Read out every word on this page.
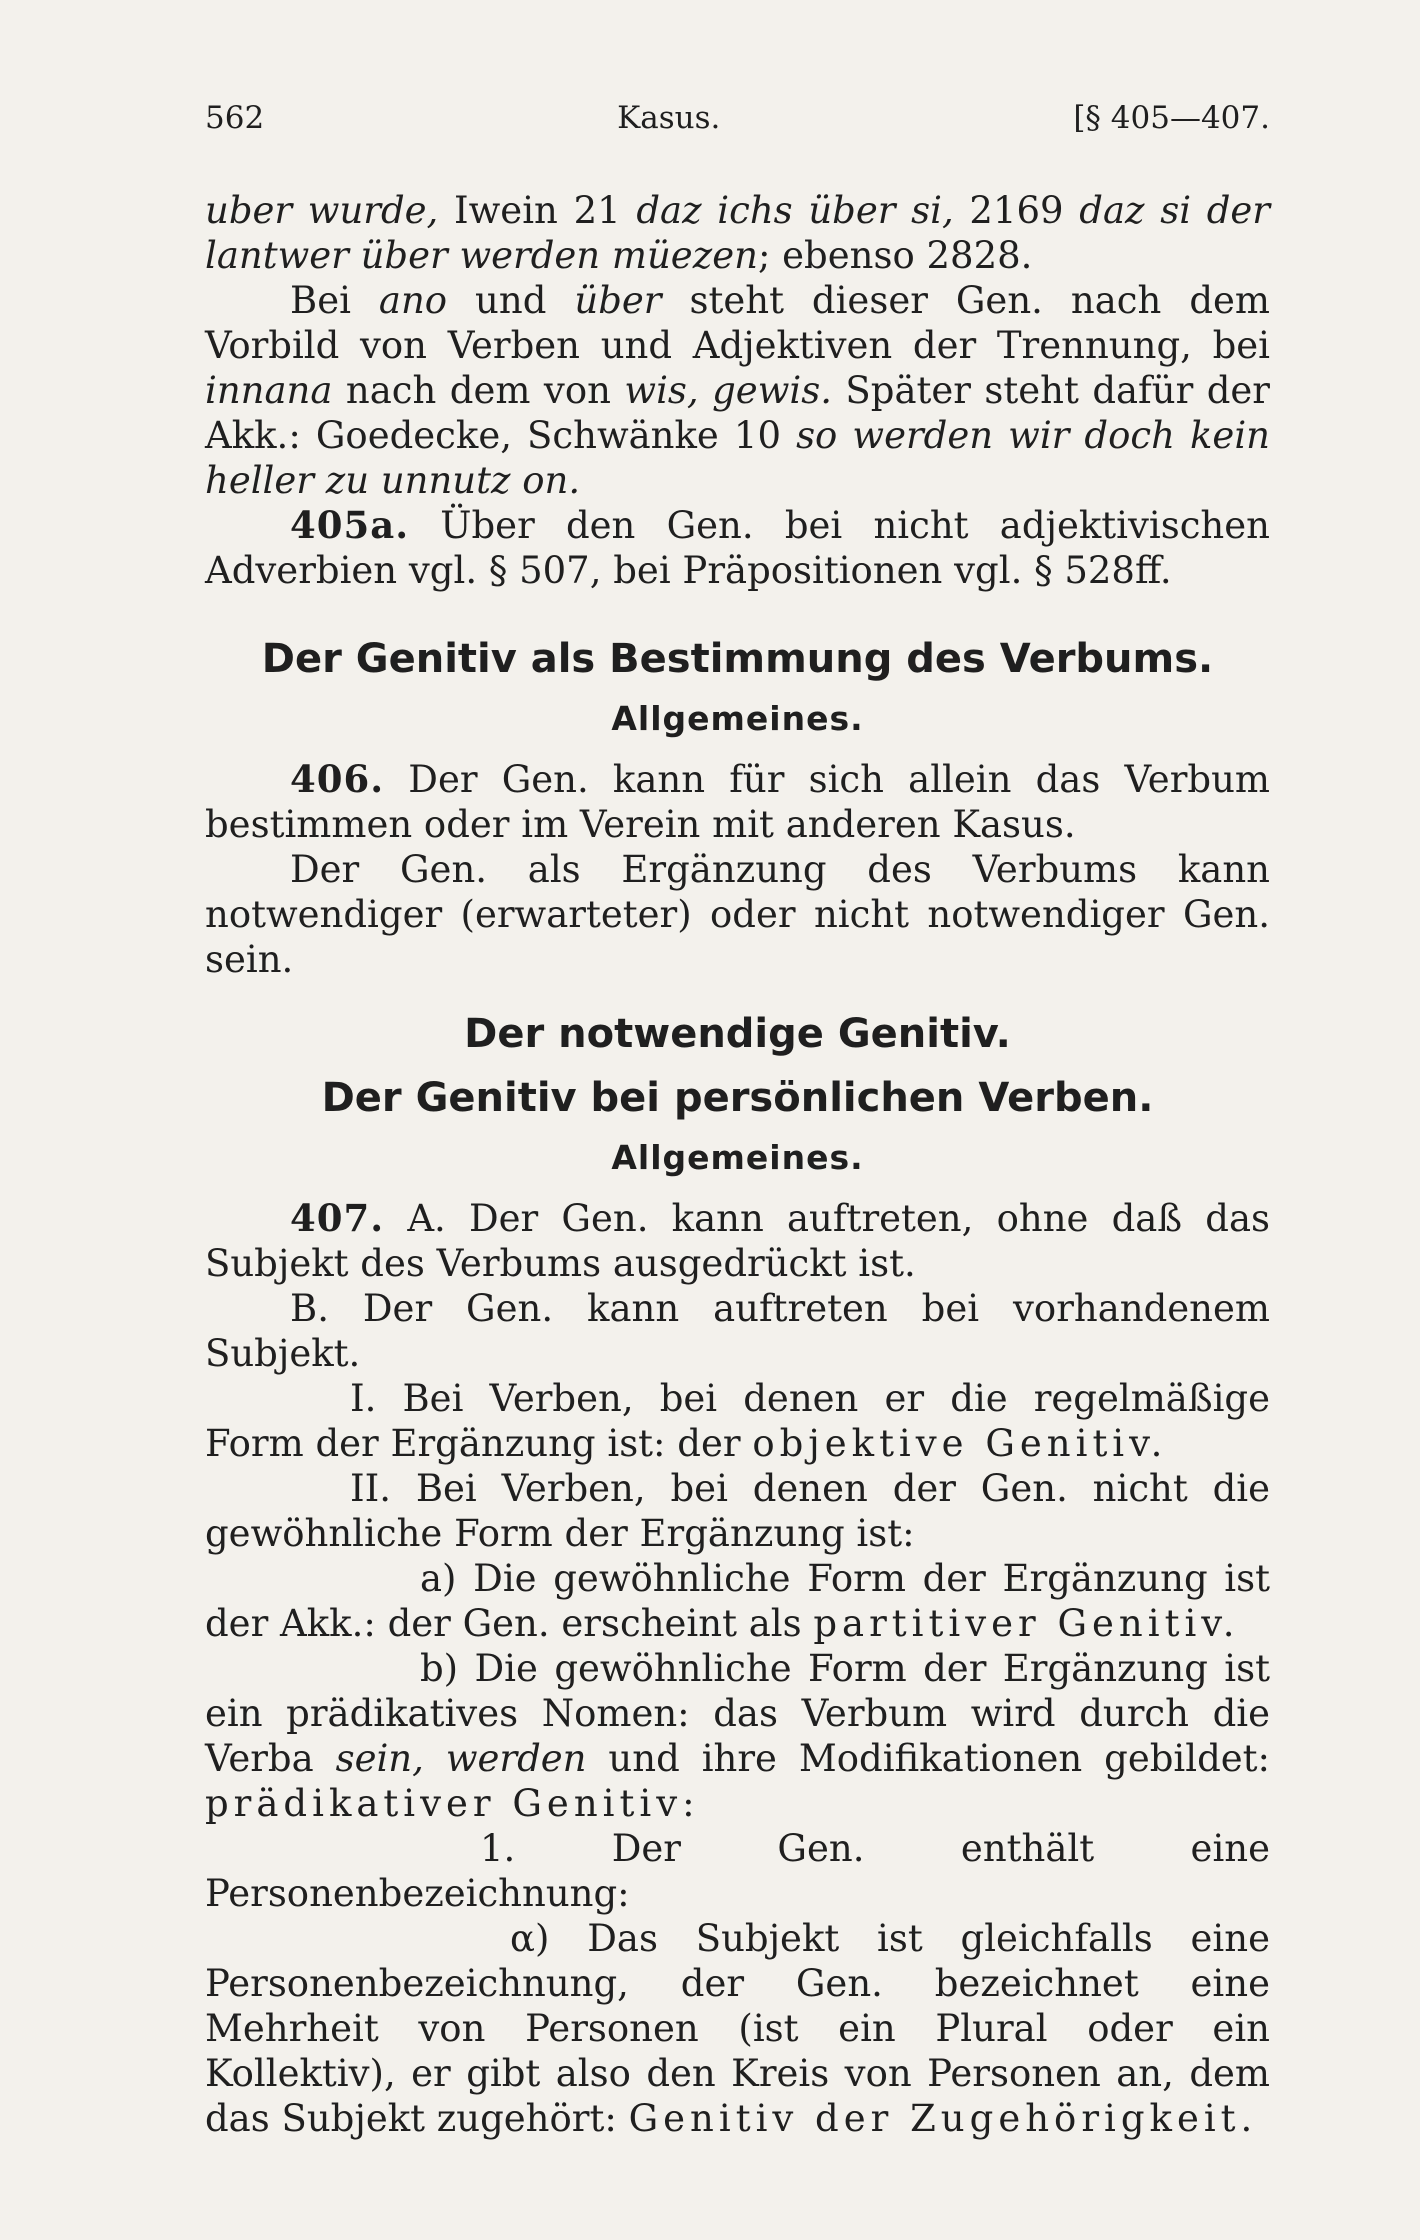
562	Kasus.	[§ 405—407.

uber wurde, Iwein 21 daz ichs über si, 2169 daz si der lantwer über werden müezen; ebenso 2828.

Bei ano und über steht dieser Gen. nach dem Vorbild von Verben und Adjektiven der Trennung, bei innana nach dem von wis, gewis. Später steht dafür der Akk.: Goedecke, Schwänke 10 so werden wir doch kein heller zu unnutz on.

405a. Über den Gen. bei nicht adjektivischen Adverbien vgl. § 507, bei Präpositionen vgl. § 528ff.

Der Genitiv als Bestimmung des Verbums.
Allgemeines.

406. Der Gen. kann für sich allein das Verbum bestimmen oder im Verein mit anderen Kasus.

Der Gen. als Ergänzung des Verbums kann notwendiger (erwarteter) oder nicht notwendiger Gen. sein.

Der notwendige Genitiv.
Der Genitiv bei persönlichen Verben.
Allgemeines.

407. A. Der Gen. kann auftreten, ohne daß das Subjekt des Verbums ausgedrückt ist.

B. Der Gen. kann auftreten bei vorhandenem Subjekt.

I. Bei Verben, bei denen er die regelmäßige Form der Ergänzung ist: der objektive Genitiv.

II. Bei Verben, bei denen der Gen. nicht die gewöhnliche Form der Ergänzung ist:

a) Die gewöhnliche Form der Ergänzung ist der Akk.: der Gen. erscheint als partitiver Genitiv.

b) Die gewöhnliche Form der Ergänzung ist ein prädikatives Nomen: das Verbum wird durch die Verba sein, werden und ihre Modifikationen gebildet: prädikativer Genitiv:

1. Der Gen. enthält eine Personenbezeichnung:

α) Das Subjekt ist gleichfalls eine Personenbezeichnung, der Gen. bezeichnet eine Mehrheit von Personen (ist ein Plural oder ein Kollektiv), er gibt also den Kreis von Personen an, dem das Subjekt zugehört: Genitiv der Zugehörigkeit.
